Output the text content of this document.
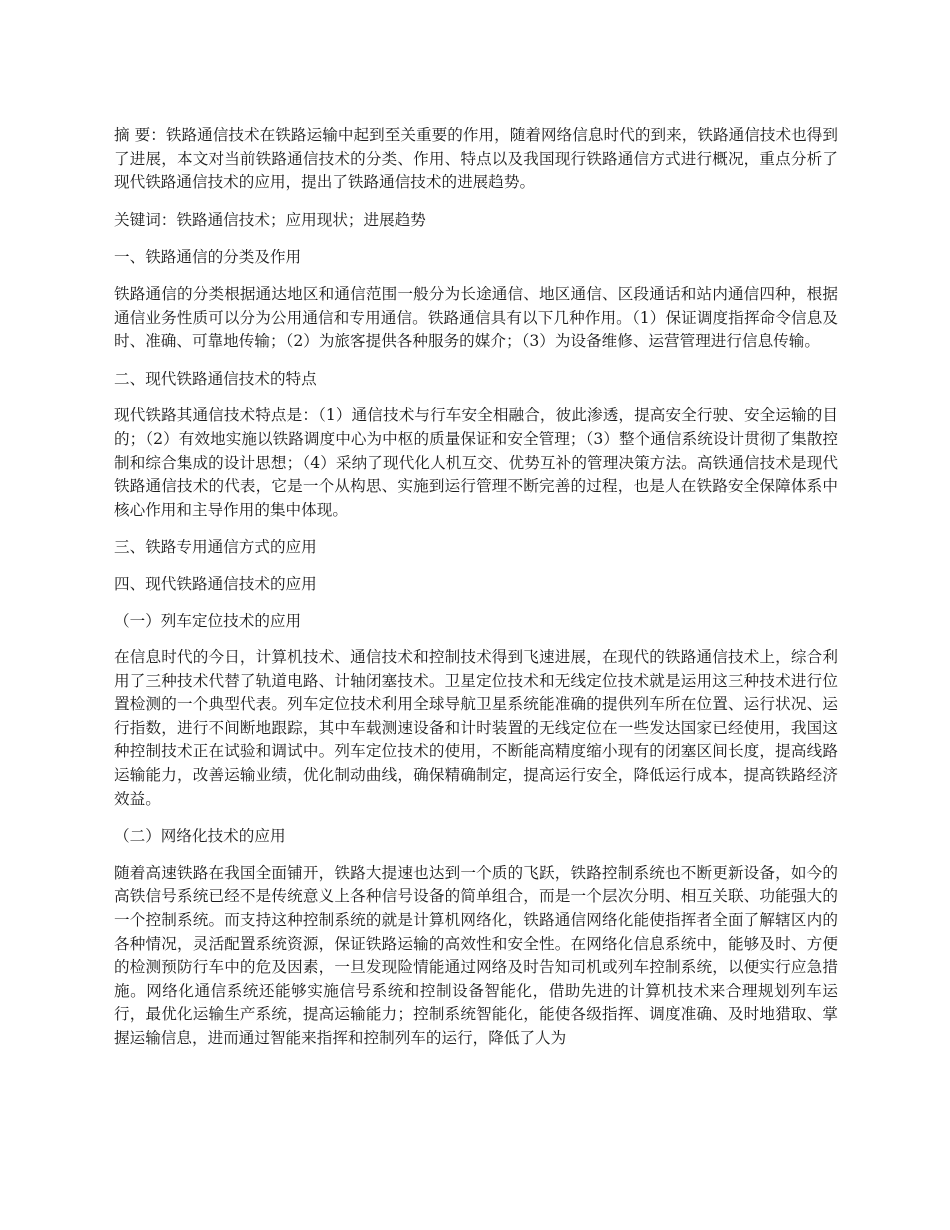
摘 要：铁路通信技术在铁路运输中起到至关重要的作用，随着网络信息时代的到来，铁路通信技术也得到了进展，本文对当前铁路通信技术的分类、作用、特点以及我国现行铁路通信方式进行概况，重点分析了现代铁路通信技术的应用，提出了铁路通信技术的进展趋势。

关键词：铁路通信技术；应用现状；进展趋势

一、铁路通信的分类及作用

铁路通信的分类根据通达地区和通信范围一般分为长途通信、地区通信、区段通话和站内通信四种，根据通信业务性质可以分为公用通信和专用通信。铁路通信具有以下几种作用。（1）保证调度指挥命令信息及时、准确、可靠地传输；（2）为旅客提供各种服务的媒介；（3）为设备维修、运营管理进行信息传输。

二、现代铁路通信技术的特点

现代铁路其通信技术特点是：（1）通信技术与行车安全相融合，彼此渗透，提高安全行驶、安全运输的目的；（2）有效地实施以铁路调度中心为中枢的质量保证和安全管理；（3）整个通信系统设计贯彻了集散控制和综合集成的设计思想；（4）采纳了现代化人机互交、优势互补的管理决策方法。高铁通信技术是现代铁路通信技术的代表，它是一个从构思、实施到运行管理不断完善的过程，也是人在铁路安全保障体系中核心作用和主导作用的集中体现。

三、铁路专用通信方式的应用

四、现代铁路通信技术的应用

（一）列车定位技术的应用

在信息时代的今日，计算机技术、通信技术和控制技术得到飞速进展，在现代的铁路通信技术上，综合利用了三种技术代替了轨道电路、计轴闭塞技术。卫星定位技术和无线定位技术就是运用这三种技术进行位置检测的一个典型代表。列车定位技术利用全球导航卫星系统能准确的提供列车所在位置、运行状况、运行指数，进行不间断地跟踪，其中车载测速设备和计时装置的无线定位在一些发达国家已经使用，我国这种控制技术正在试验和调试中。列车定位技术的使用，不断能高精度缩小现有的闭塞区间长度，提高线路运输能力，改善运输业绩，优化制动曲线，确保精确制定，提高运行安全，降低运行成本，提高铁路经济效益。

（二）网络化技术的应用

随着高速铁路在我国全面铺开，铁路大提速也达到一个质的飞跃，铁路控制系统也不断更新设备，如今的高铁信号系统已经不是传统意义上各种信号设备的简单组合，而是一个层次分明、相互关联、功能强大的一个控制系统。而支持这种控制系统的就是计算机网络化，铁路通信网络化能使指挥者全面了解辖区内的各种情况，灵活配置系统资源，保证铁路运输的高效性和安全性。在网络化信息系统中，能够及时、方便的检测预防行车中的危及因素，一旦发现险情能通过网络及时告知司机或列车控制系统，以便实行应急措施。网络化通信系统还能够实施信号系统和控制设备智能化，借助先进的计算机技术来合理规划列车运行，最优化运输生产系统，提高运输能力；控制系统智能化，能使各级指挥、调度准确、及时地猎取、掌握运输信息，进而通过智能来指挥和控制列车的运行，降低了人为
